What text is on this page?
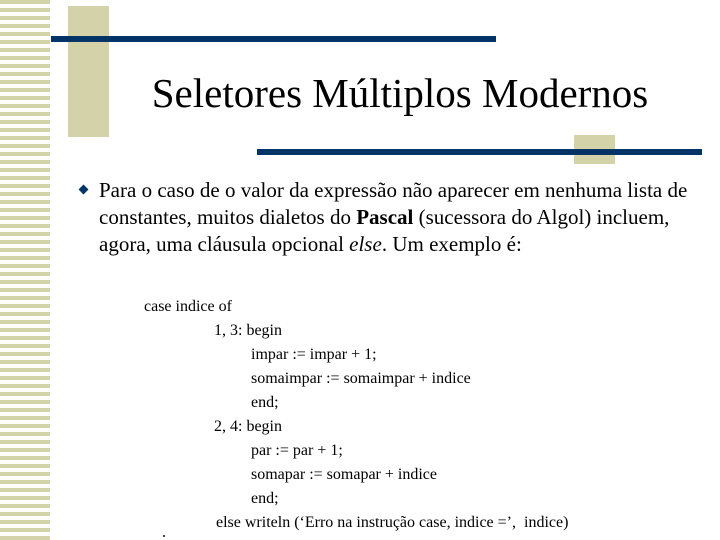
Seletores Múltiplos Modernos
Para o caso de o valor da expressão não aparecer em nenhuma lista de constantes, muitos dialetos do Pascal (sucessora do Algol) incluem, agora, uma cláusula opcional else. Um exemplo é:
case indice of
1, 3: begin
impar := impar + 1;
somaimpar := somaimpar + indice
end;
2, 4: begin
par := par + 1;
somapar := somapar + indice
end;
else writeln (‘Erro na instrução case, indice =’,  indice)
